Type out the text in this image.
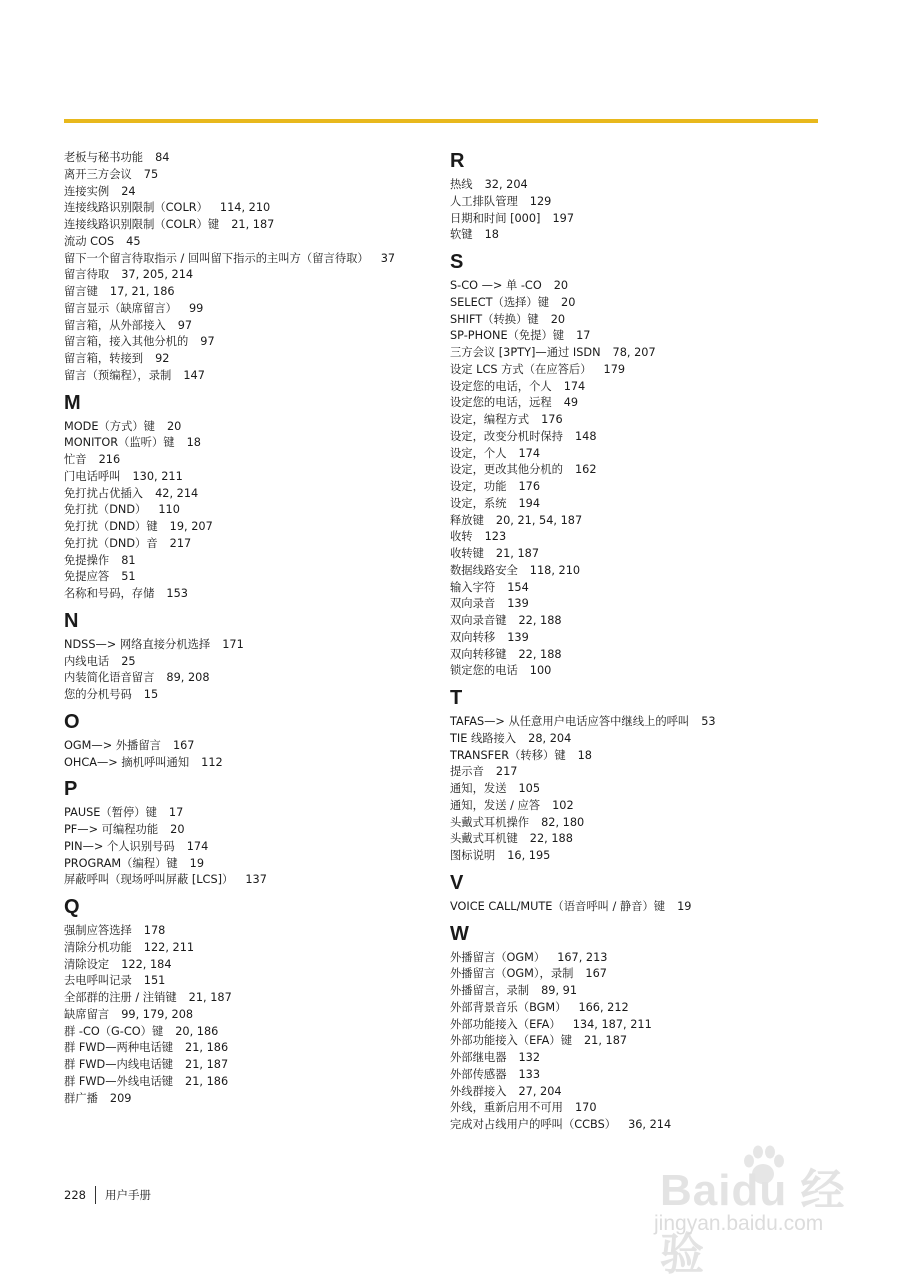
老板与秘书功能 84
离开三方会议 75
连接实例 24
连接线路识别限制（COLR） 114, 210
连接线路识别限制（COLR）键 21, 187
流动 COS 45
留下一个留言待取指示 / 回叫留下指示的主叫方（留言待取） 37
留言待取 37, 205, 214
留言键 17, 21, 186
留言显示（缺席留言） 99
留言箱，从外部接入 97
留言箱，接入其他分机的 97
留言箱，转接到 92
留言（预编程），录制 147
M
MODE（方式）键 20
MONITOR（监听）键 18
忙音 216
门电话呼叫 130, 211
免打扰占优插入 42, 214
免打扰（DND） 110
免打扰（DND）键 19, 207
免打扰（DND）音 217
免提操作 81
免提应答 51
名称和号码，存储 153
N
NDSS—> 网络直接分机选择 171
内线电话 25
内装简化语音留言 89, 208
您的分机号码 15
O
OGM—> 外播留言 167
OHCA—> 摘机呼叫通知 112
P
PAUSE（暂停）键 17
PF—> 可编程功能 20
PIN—> 个人识别号码 174
PROGRAM（编程）键 19
屏蔽呼叫（现场呼叫屏蔽 [LCS]） 137
Q
强制应答选择 178
清除分机功能 122, 211
清除设定 122, 184
去电呼叫记录 151
全部群的注册 / 注销键 21, 187
缺席留言 99, 179, 208
群 -CO（G-CO）键 20, 186
群 FWD—两种电话键 21, 186
群 FWD—内线电话键 21, 187
群 FWD—外线电话键 21, 186
群广播 209
R
热线 32, 204
人工排队管理 129
日期和时间 [000] 197
软键 18
S
S-CO —> 单 -CO 20
SELECT（选择）键 20
SHIFT（转换）键 20
SP-PHONE（免提）键 17
三方会议 [3PTY]—通过 ISDN 78, 207
设定 LCS 方式（在应答后） 179
设定您的电话，个人 174
设定您的电话，远程 49
设定，编程方式 176
设定，改变分机时保持 148
设定，个人 174
设定，更改其他分机的 162
设定，功能 176
设定，系统 194
释放键 20, 21, 54, 187
收转 123
收转键 21, 187
数据线路安全 118, 210
输入字符 154
双向录音 139
双向录音键 22, 188
双向转移 139
双向转移键 22, 188
锁定您的电话 100
T
TAFAS—> 从任意用户电话应答中继线上的呼叫 53
TIE 线路接入 28, 204
TRANSFER（转移）键 18
提示音 217
通知，发送 105
通知，发送 / 应答 102
头戴式耳机操作 82, 180
头戴式耳机键 22, 188
图标说明 16, 195
V
VOICE CALL/MUTE（语音呼叫 / 静音）键 19
W
外播留言（OGM） 167, 213
外播留言（OGM），录制 167
外播留言，录制 89, 91
外部背景音乐（BGM） 166, 212
外部功能接入（EFA） 134, 187, 211
外部功能接入（EFA）键 21, 187
外部继电器 132
外部传感器 133
外线群接入 27, 204
外线，重新启用不可用 170
完成对占线用户的呼叫（CCBS） 36, 214
228 用户手册	Baidu 经验
jingyan.baidu.com
